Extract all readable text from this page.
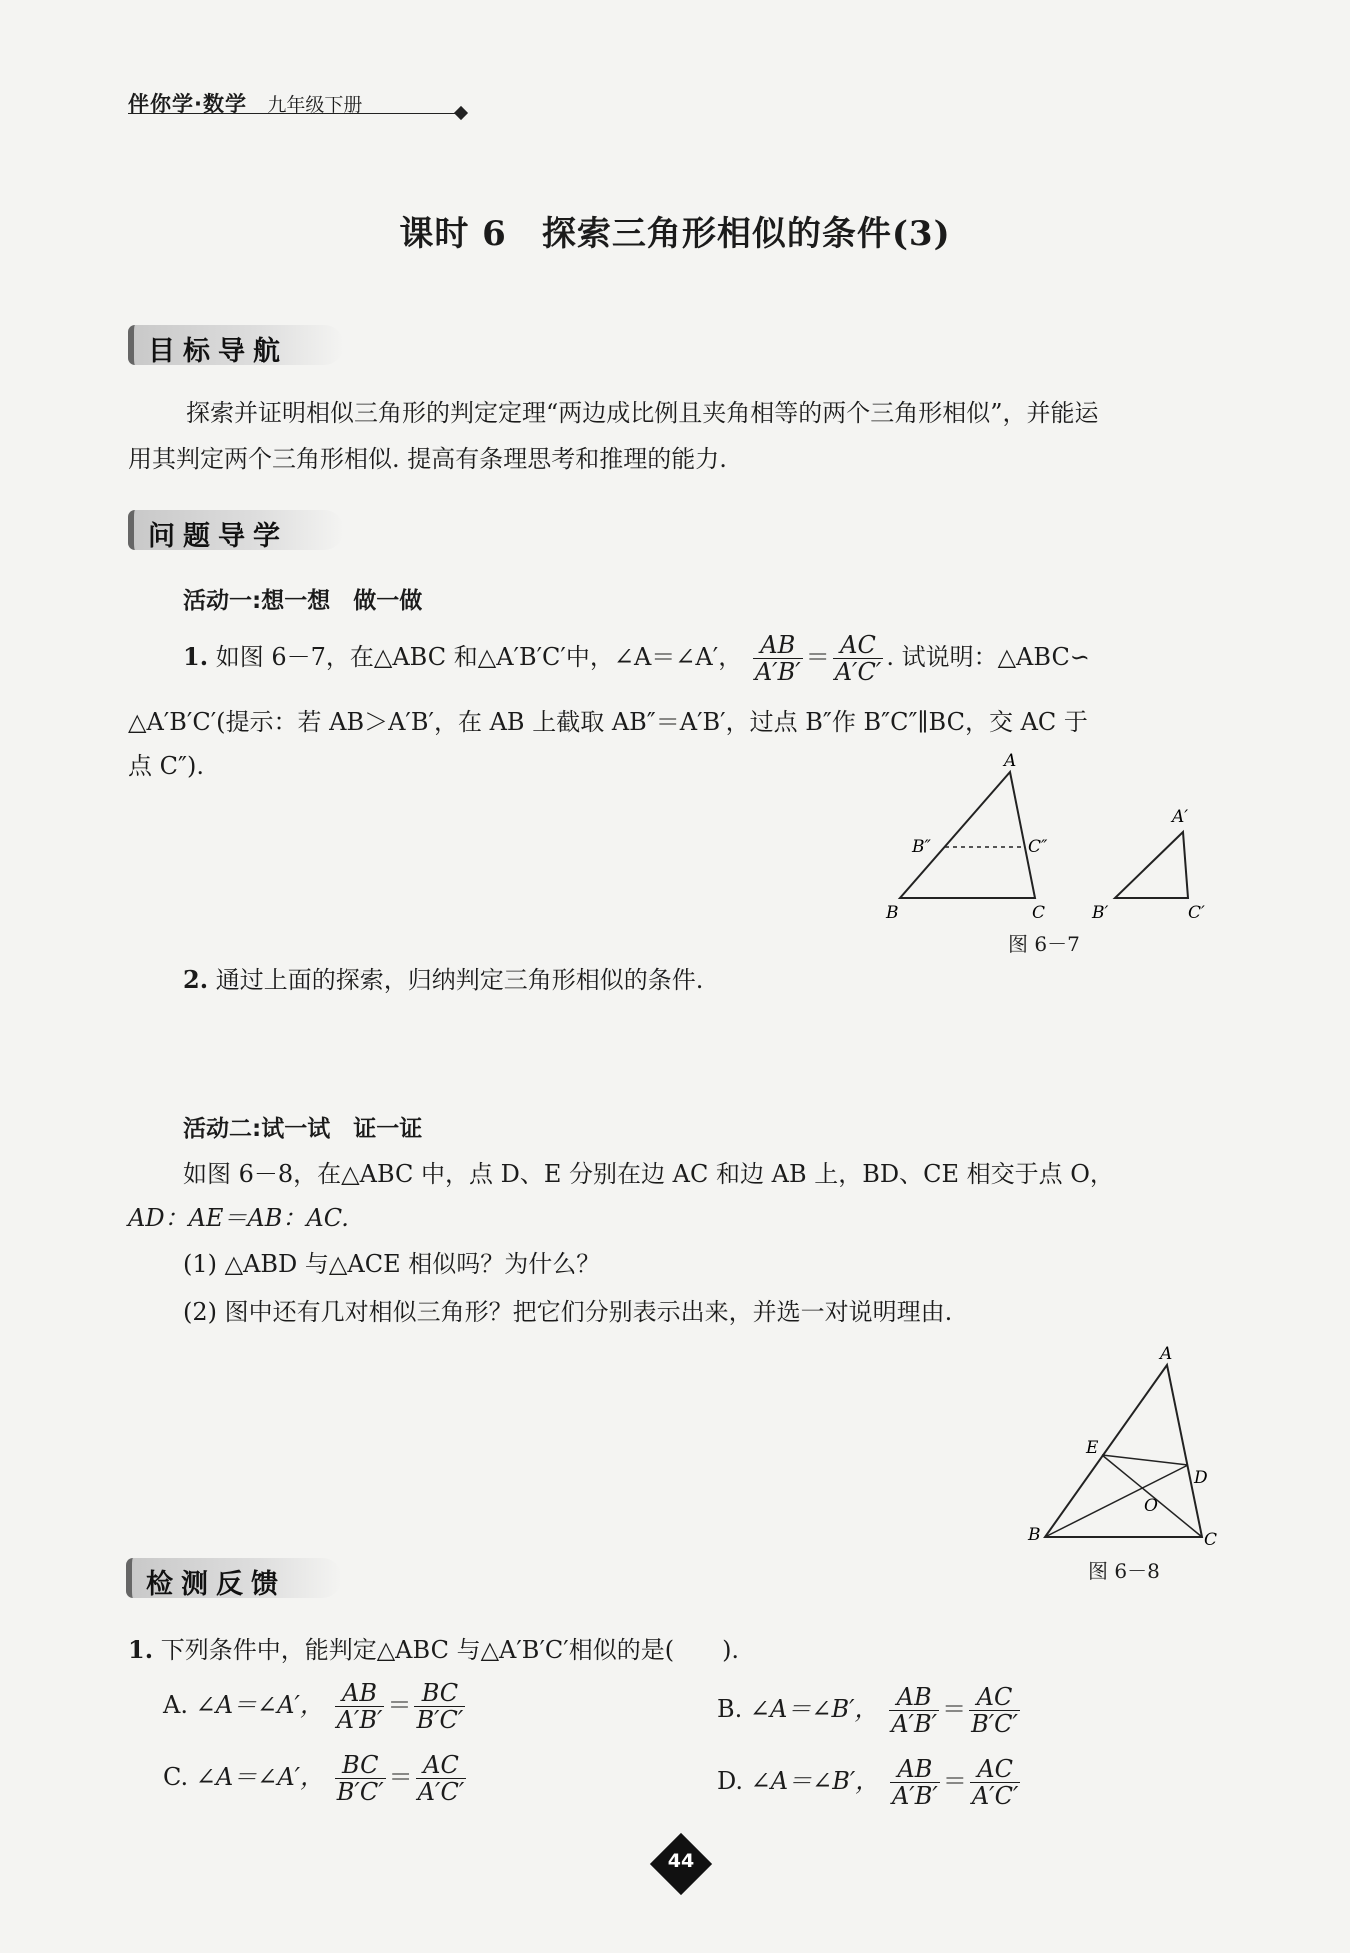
伴你学·数学 九年级下册
课时 6　探索三角形相似的条件(3)
目标导航
探索并证明相似三角形的判定定理“两边成比例且夹角相等的两个三角形相似”，并能运
用其判定两个三角形相似. 提高有条理思考和推理的能力.
问题导学
活动一:想一想　做一做
1. 如图 6－7，在△ABC 和△A′B′C′中，∠A＝∠A′， $\frac{AB}{A'B'} = \frac{AC}{A'C'}$ . 试说明：△ABC∽
△A′B′C′(提示：若 AB＞A′B′，在 AB 上截取 AB″＝A′B′，过点 B″作 B″C″∥BC，交 AC 于
点 C″).	A
B	C
B″	C″
A′
B′	C′
图 6－7
2. 通过上面的探索，归纳判定三角形相似的条件.
活动二:试一试　证一证
如图 6－8，在△ABC 中，点 D、E 分别在边 AC 和边 AB 上，BD、CE 相交于点 O，
AD：AE＝AB：AC.
(1) △ABD 与△ACE 相似吗？为什么？
(2) 图中还有几对相似三角形？把它们分别表示出来，并选一对说明理由.
A
B	C
D
E
O
图 6－8
检测反馈
1. 下列条件中，能判定△ABC 与△A′B′C′相似的是(　　).
A. ∠A＝∠A′， $\frac{AB}{A'B'} = \frac{BC}{B'C'}$	B. ∠A＝∠B′， $\frac{AB}{A'B'} = \frac{AC}{B'C'}$
C. ∠A＝∠A′， $\frac{BC}{B'C'} = \frac{AC}{A'C'}$	D. ∠A＝∠B′， $\frac{AB}{A'B'} = \frac{AC}{A'C'}$
44
